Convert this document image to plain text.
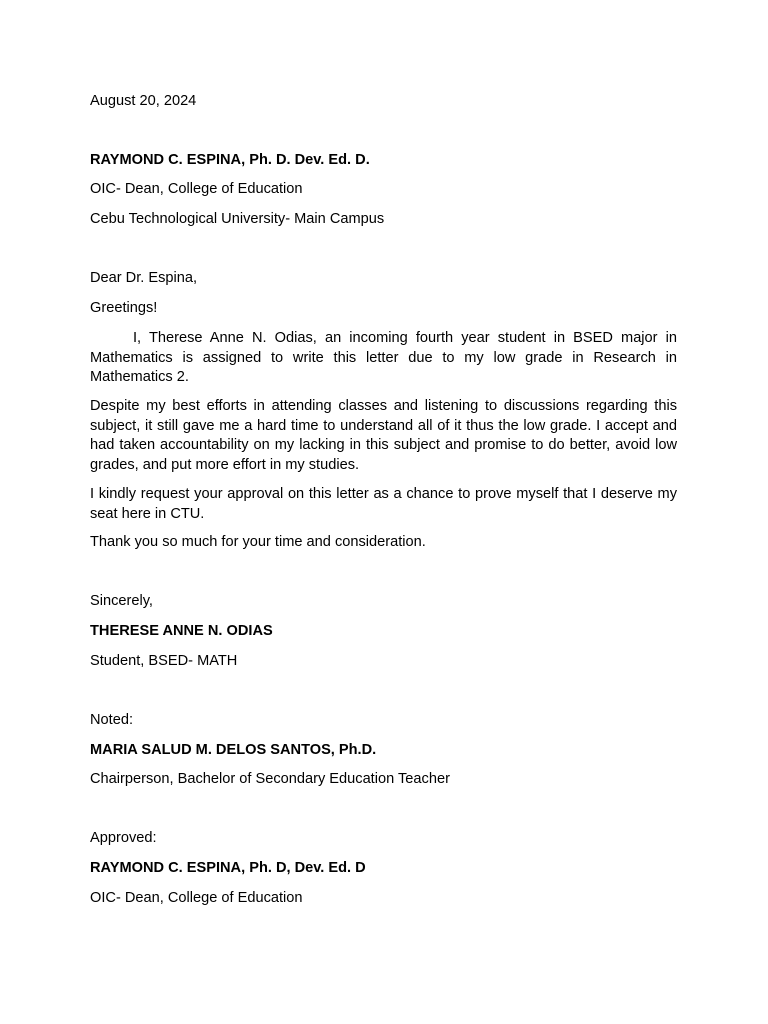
August 20, 2024
RAYMOND C. ESPINA, Ph. D. Dev. Ed. D.
OIC- Dean, College of Education
Cebu Technological University- Main Campus
Dear Dr. Espina,
Greetings!
I, Therese Anne N. Odias, an incoming fourth year student in BSED major in Mathematics is assigned to write this letter due to my low grade in Research in Mathematics 2.
Despite my best efforts in attending classes and listening to discussions regarding this subject, it still gave me a hard time to understand all of it thus the low grade. I accept and had taken accountability on my lacking in this subject and promise to do better, avoid low grades, and put more effort in my studies.
I kindly request your approval on this letter as a chance to prove myself that I deserve my seat here in CTU.
Thank you so much for your time and consideration.
Sincerely,
THERESE ANNE N. ODIAS
Student, BSED- MATH
Noted:
MARIA SALUD M. DELOS SANTOS, Ph.D.
Chairperson, Bachelor of Secondary Education Teacher
Approved:
RAYMOND C. ESPINA, Ph. D, Dev. Ed. D
OIC- Dean, College of Education
